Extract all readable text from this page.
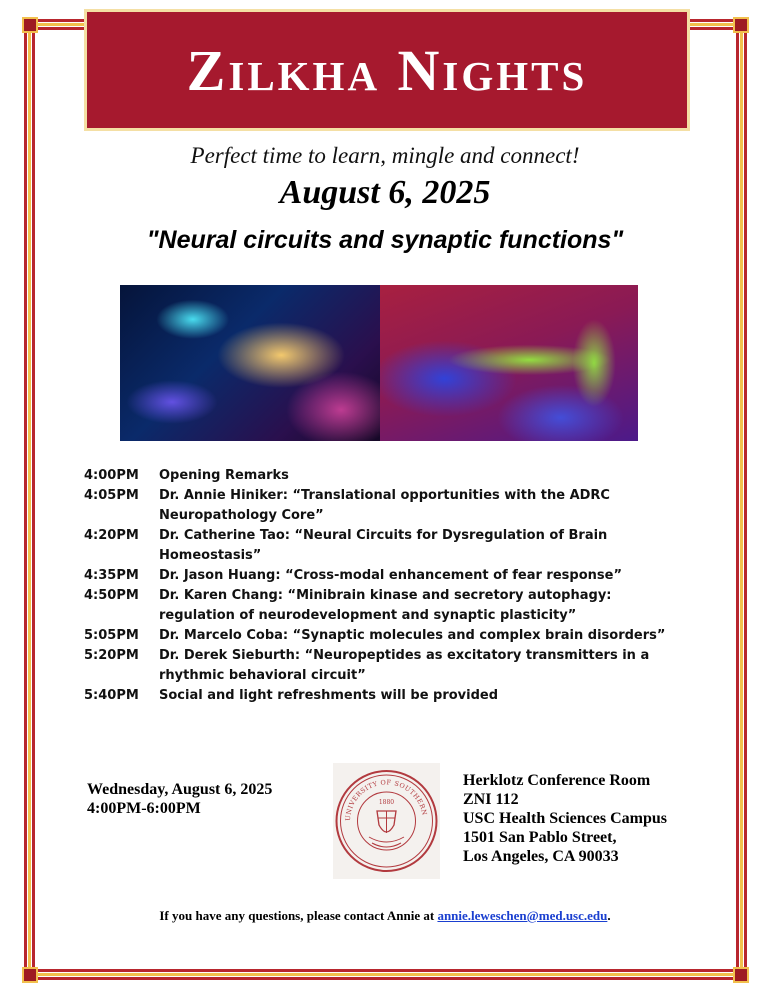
Zilkha Nights
Perfect time to learn, mingle and connect!
August 6, 2025
"Neural circuits and synaptic functions"
4:00PM	Opening Remarks
4:05PM	Dr. Annie Hiniker: “Translational opportunities with the ADRC Neuropathology Core”
4:20PM	Dr. Catherine Tao: “Neural Circuits for Dysregulation of Brain Homeostasis”
4:35PM	Dr. Jason Huang: “Cross-modal enhancement of fear response”
4:50PM	Dr. Karen Chang: “Minibrain kinase and secretory autophagy: regulation of neurodevelopment and synaptic plasticity”
5:05PM	Dr. Marcelo Coba: “Synaptic molecules and complex brain disorders”
5:20PM	Dr. Derek Sieburth: “Neuropeptides as excitatory transmitters in a rhythmic behavioral circuit”
5:40PM	Social and light refreshments will be provided
Wednesday, August 6, 2025
4:00PM-6:00PM
UNIVERSITY OF SOUTHERN
1880
Herklotz Conference Room
ZNI 112
USC Health Sciences Campus
1501 San Pablo Street,
Los Angeles, CA 90033
If you have any questions, please contact Annie at annie.leweschen@med.usc.edu.
